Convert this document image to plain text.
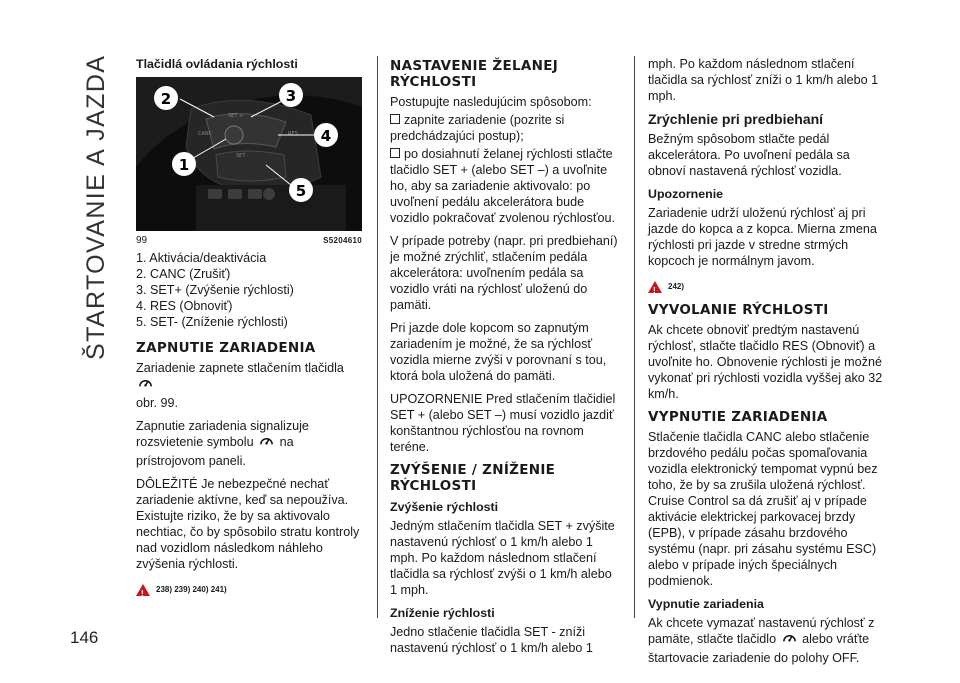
ŠTARTOVANIE A JAZDA
146
Tlačidlá ovládania rýchlosti
SET +
CANC	RES
SET -
2	3
4
1
5
99	S5204610
1. Aktivácia/deaktivácia
2. CANC (Zrušiť)
3. SET+ (Zvýšenie rýchlosti)
4. RES (Obnoviť)
5. SET- (Zníženie rýchlosti)
ZAPNUTIE ZARIADENIA

Zariadenie zapnete stlačením tlačidla
obr. 99.

Zapnutie zariadenia signalizuje rozsvietenie symbolu na prístrojovom paneli.

DÔLEŽITÉ Je nebezpečné nechať zariadenie aktívne, keď sa nepoužíva. Existujte riziko, že by sa aktivovalo nechtiac, čo by spôsobilo stratu kontroly nad vozidlom následkom náhleho zvýšenia rýchlosti.

!
238) 239) 240) 241)
NASTAVENIE ŽELANEJ RÝCHLOSTI

Postupujte nasledujúcim spôsobom:

zapnite zariadenie (pozrite si predchádzajúci postup);

po dosiahnutí želanej rýchlosti stlačte tlačidlo SET + (alebo SET –) a uvoľnite ho, aby sa zariadenie aktivovalo: po uvoľnení pedálu akcelerátora bude vozidlo pokračovať zvolenou rýchlosťou.

V prípade potreby (napr. pri predbiehaní) je možné zrýchliť, stlačením pedála akcelerátora: uvoľnením pedála sa vozidlo vráti na rýchlosť uloženú do pamäti.

Pri jazde dole kopcom so zapnutým zariadením je možné, že sa rýchlosť vozidla mierne zvýši v porovnaní s tou, ktorá bola uložená do pamäti.

UPOZORNENIE Pred stlačením tlačidiel SET + (alebo SET –) musí vozidlo jazdiť konštantnou rýchlosťou na rovnom teréne.

ZVÝŠENIE / ZNÍŽENIE RÝCHLOSTI
Zvýšenie rýchlosti

Jedným stlačením tlačidla SET + zvýšite nastavenú rýchlosť o 1 km/h alebo 1 mph. Po každom následnom stlačení tlačidla sa rýchlosť zvýši o 1 km/h alebo 1 mph.

Zníženie rýchlosti

Jedno stlačenie tlačidla SET - zníži nastavenú rýchlosť o 1 km/h alebo 1

mph. Po každom následnom stlačení tlačidla sa rýchlosť zníži o 1 km/h alebo 1 mph.

Zrýchlenie pri predbiehaní

Bežným spôsobom stlačte pedál akcelerátora. Po uvoľnení pedála sa obnoví nastavená rýchlosť vozidla.

Upozornenie

Zariadenie udrží uloženú rýchlosť aj pri jazde do kopca a z kopca. Mierna zmena rýchlosti pri jazde v stredne strmých kopcoch je normálnym javom.

!
242)
VYVOLANIE RÝCHLOSTI

Ak chcete obnoviť predtým nastavenú rýchlosť, stlačte tlačidlo RES (Obnoviť) a uvoľnite ho. Obnovenie rýchlosti je možné vykonať pri rýchlosti vozidla vyššej ako 32 km/h.

VYPNUTIE ZARIADENIA

Stlačenie tlačidla CANC alebo stlačenie brzdového pedálu počas spomaľovania vozidla elektronický tempomat vypnú bez toho, že by sa zrušila uložená rýchlosť. Cruise Control sa dá zrušiť aj v prípade aktivácie elektrickej parkovacej brzdy (EPB), v prípade zásahu brzdového systému (napr. pri zásahu systému ESC) alebo v prípade iných špeciálnych podmienok.

Vypnutie zariadenia

Ak chcete vymazať nastavenú rýchlosť z pamäte, stlačte tlačidlo alebo vráťte štartovacie zariadenie do polohy OFF.
